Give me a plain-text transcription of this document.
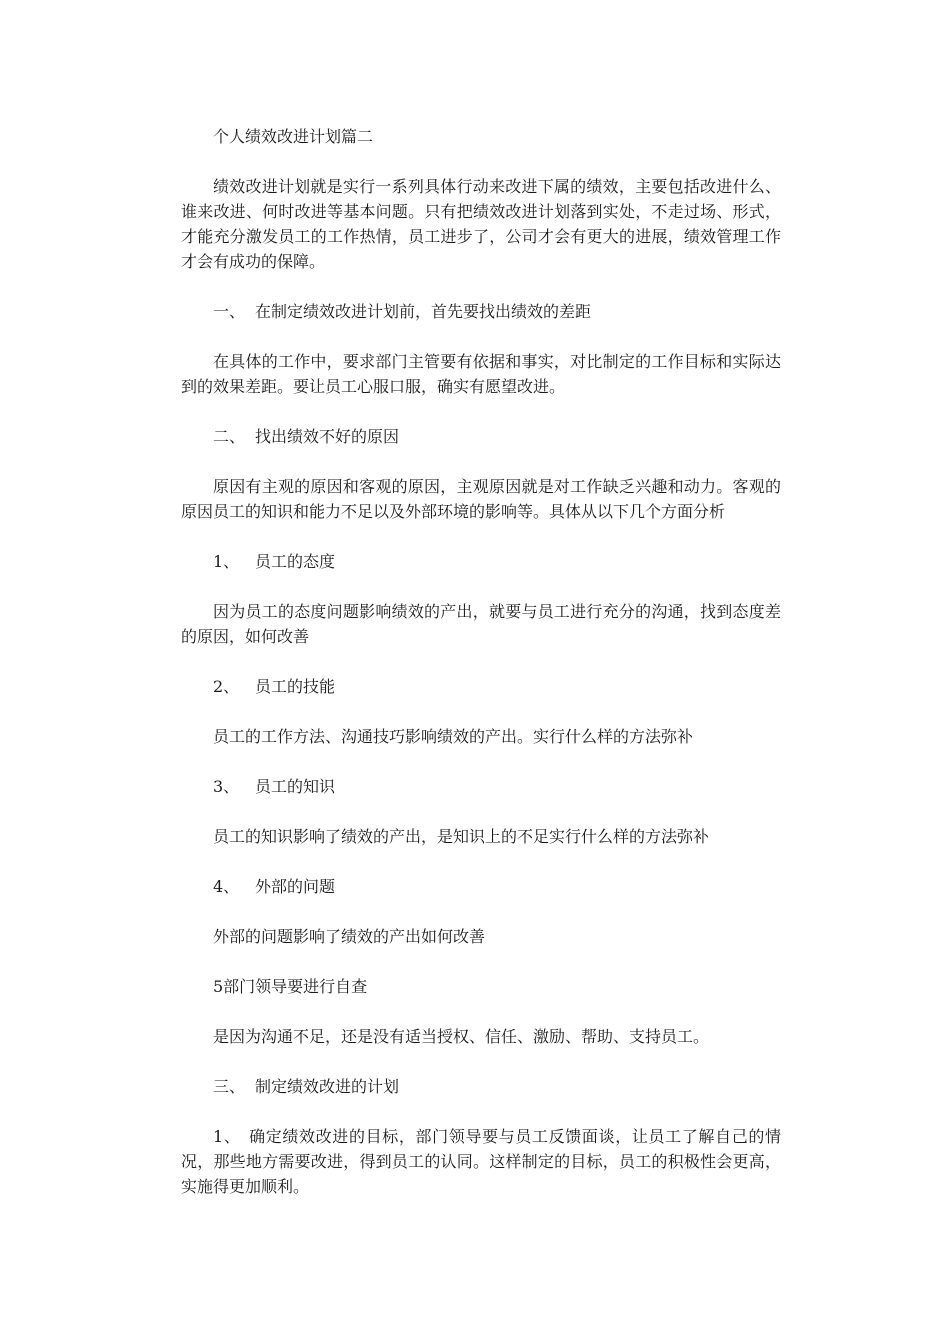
个人绩效改进计划篇二

绩效改进计划就是实行一系列具体行动来改进下属的绩效，主要包括改进什么、谁来改进、何时改进等基本问题。只有把绩效改进计划落到实处，不走过场、形式，才能充分激发员工的工作热情，员工进步了，公司才会有更大的进展，绩效管理工作才会有成功的保障。

一、 在制定绩效改进计划前，首先要找出绩效的差距

在具体的工作中，要求部门主管要有依据和事实，对比制定的工作目标和实际达到的效果差距。要让员工心服口服，确实有愿望改进。

二、 找出绩效不好的原因

原因有主观的原因和客观的原因，主观原因就是对工作缺乏兴趣和动力。客观的原因员工的知识和能力不足以及外部环境的影响等。具体从以下几个方面分析

1、 员工的态度

因为员工的态度问题影响绩效的产出，就要与员工进行充分的沟通，找到态度差的原因，如何改善

2、 员工的技能

员工的工作方法、沟通技巧影响绩效的产出。实行什么样的方法弥补

3、 员工的知识

员工的知识影响了绩效的产出，是知识上的不足实行什么样的方法弥补

4、 外部的问题

外部的问题影响了绩效的产出如何改善

5部门领导要进行自查

是因为沟通不足，还是没有适当授权、信任、激励、帮助、支持员工。

三、 制定绩效改进的计划

1、　确定绩效改进的目标，部门领导要与员工反馈面谈，让员工了解自己的情况，那些地方需要改进，得到员工的认同。这样制定的目标，员工的积极性会更高，实施得更加顺利。
